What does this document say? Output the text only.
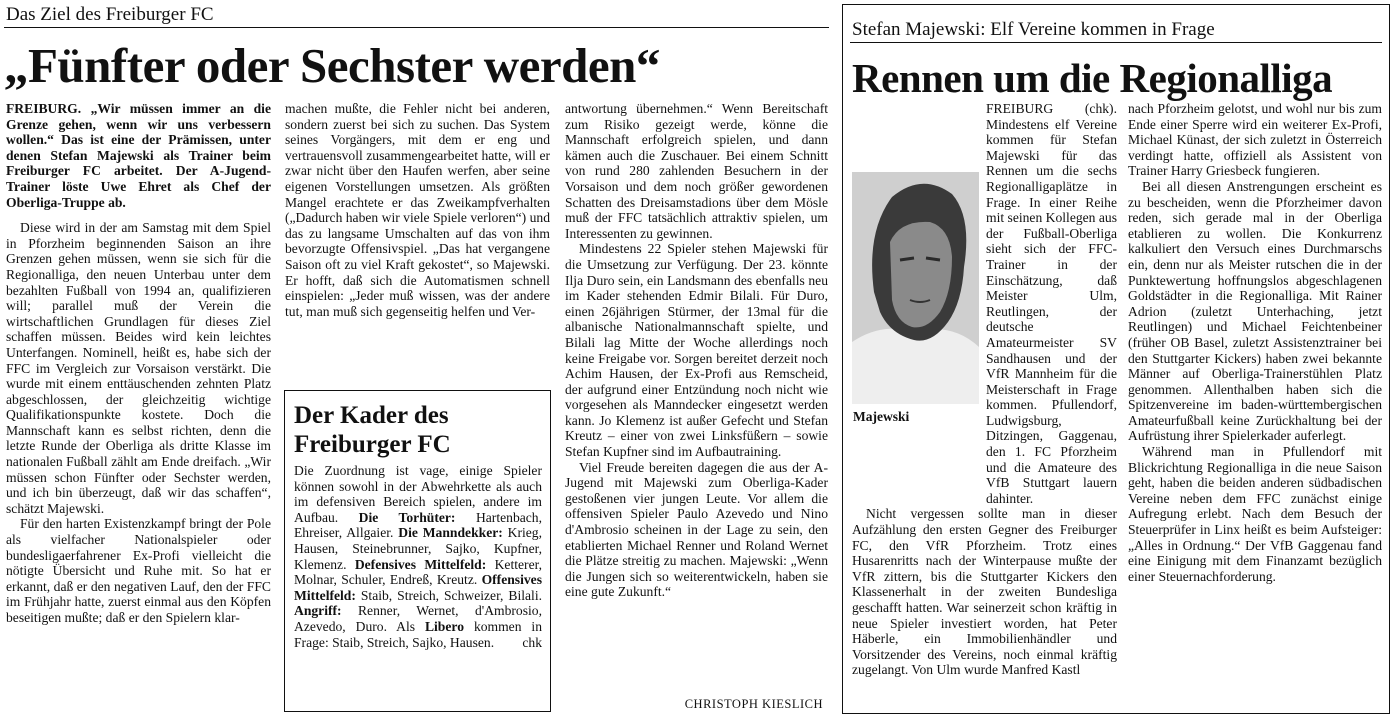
Das Ziel des Freiburger FC
„Fünfter oder Sechster werden“

FREIBURG. „Wir müssen immer an die Grenze gehen, wenn wir uns verbessern wollen.“ Das ist eine der Prämissen, unter denen Stefan Majewski als Trainer beim Freiburger FC arbeitet. Der A-Jugend-Trainer löste Uwe Ehret als Chef der Oberliga-Truppe ab.

Diese wird in der am Samstag mit dem Spiel in Pforzheim beginnenden Saison an ihre Grenzen gehen müssen, wenn sie sich für die Regionalliga, den neuen Unterbau unter dem bezahlten Fußball von 1994 an, qualifizieren will; parallel muß der Verein die wirtschaftlichen Grundlagen für dieses Ziel schaffen müssen. Beides wird kein leichtes Unterfangen. Nominell, heißt es, habe sich der FFC im Vergleich zur Vorsaison verstärkt. Die wurde mit einem enttäuschenden zehnten Platz abgeschlossen, der gleichzeitig wichtige Qualifikationspunkte kostete. Doch die Mannschaft kann es selbst richten, denn die letzte Runde der Oberliga als dritte Klasse im nationalen Fußball zählt am Ende dreifach. „Wir müssen schon Fünfter oder Sechster werden, und ich bin überzeugt, daß wir das schaffen“, schätzt Majewski.

Für den harten Existenzkampf bringt der Pole als vielfacher Nationalspieler oder bundesligaerfahrener Ex-Profi vielleicht die nötigte Übersicht und Ruhe mit. So hat er erkannt, daß er den negativen Lauf, den der FFC im Frühjahr hatte, zuerst einmal aus den Köpfen beseitigen mußte; daß er den Spielern klar-

machen mußte, die Fehler nicht bei anderen, sondern zuerst bei sich zu suchen. Das System seines Vorgängers, mit dem er eng und vertrauensvoll zusammengearbeitet hatte, will er zwar nicht über den Haufen werfen, aber seine eigenen Vorstellungen umsetzen. Als größten Mangel erachtete er das Zweikampfverhalten („Dadurch haben wir viele Spiele verloren“) und das zu langsame Umschalten auf das von ihm bevorzugte Offensivspiel. „Das hat vergangene Saison oft zu viel Kraft gekostet“, so Majewski. Er hofft, daß sich die Automatismen schnell einspielen: „Jeder muß wissen, was der andere tut, man muß sich gegenseitig helfen und Ver-

antwortung übernehmen.“ Wenn Bereitschaft zum Risiko gezeigt werde, könne die Mannschaft erfolgreich spielen, und dann kämen auch die Zuschauer. Bei einem Schnitt von rund 280 zahlenden Besuchern in der Vorsaison und dem noch größer gewordenen Schatten des Dreisamstadions über dem Mösle muß der FFC tatsächlich attraktiv spielen, um Interessenten zu gewinnen.

Mindestens 22 Spieler stehen Majewski für die Umsetzung zur Verfügung. Der 23. könnte Ilja Duro sein, ein Landsmann des ebenfalls neu im Kader stehenden Edmir Bilali. Für Duro, einen 26jährigen Stürmer, der 13mal für die albanische Nationalmannschaft spielte, und Bilali lag Mitte der Woche allerdings noch keine Freigabe vor. Sorgen bereitet derzeit noch Achim Hausen, der Ex-Profi aus Remscheid, der aufgrund einer Entzündung noch nicht wie vorgesehen als Manndecker eingesetzt werden kann. Jo Klemenz ist außer Gefecht und Stefan Kreutz – einer von zwei Linksfüßern – sowie Stefan Kupfner sind im Aufbautraining.

Viel Freude bereiten dagegen die aus der A-Jugend mit Majewski zum Oberliga-Kader gestoßenen vier jungen Leute. Vor allem die offensiven Spieler Paulo Azevedo und Nino d'Ambrosio scheinen in der Lage zu sein, den etablierten Michael Renner und Roland Wernet die Plätze streitig zu machen. Majewski: „Wenn die Jungen sich so weiterentwickeln, haben sie eine gute Zukunft.“

CHRISTOPH KIESLICH
Der Kader des
Freiburger FC

Die Zuordnung ist vage, einige Spieler können sowohl in der Abwehrkette als auch im defensiven Bereich spielen, andere im Aufbau. Die Torhüter: Hartenbach, Ehreiser, Allgaier. Die Manndekker: Krieg, Hausen, Steinebrunner, Sajko, Kupfner, Klemenz. Defensives Mittelfeld: Ketterer, Molnar, Schuler, Endreß, Kreutz. Offensives Mittelfeld: Staib, Streich, Schweizer, Bilali. Angriff: Renner, Wernet, d'Ambrosio, Azevedo, Duro. Als Libero kommen in Frage: Staib, Streich, Sajko, Hausen. chk

Stefan Majewski: Elf Vereine kommen in Frage
Rennen um die Regionalliga
Majewski

FREIBURG (chk). Mindestens elf Vereine kommen für Stefan Majewski für das Rennen um die sechs Regionalligaplätze in Frage. In einer Reihe mit seinen Kollegen aus der Fußball-Oberliga sieht sich der FFC-Trainer in der Einschätzung, daß Meister Ulm, Reutlingen, der deutsche Amateurmeister SV Sandhausen und der VfR Mannheim für die Meisterschaft in Frage kommen. Pfullendorf, Ludwigsburg, Ditzingen, Gaggenau, den 1. FC Pforzheim und die Amateure des VfB Stuttgart lauern dahinter.

Nicht vergessen sollte man in dieser Aufzählung den ersten Gegner des Freiburger FC, den VfR Pforzheim. Trotz eines Husarenritts nach der Winterpause mußte der VfR zittern, bis die Stuttgarter Kickers den Klassenerhalt in der zweiten Bundesliga geschafft hatten. War seinerzeit schon kräftig in neue Spieler investiert worden, hat Peter Häberle, ein Immobilienhändler und Vorsitzender des Vereins, noch einmal kräftig zugelangt. Von Ulm wurde Manfred Kastl

nach Pforzheim gelotst, und wohl nur bis zum Ende einer Sperre wird ein weiterer Ex-Profi, Michael Künast, der sich zuletzt in Österreich verdingt hatte, offiziell als Assistent von Trainer Harry Griesbeck fungieren.

Bei all diesen Anstrengungen erscheint es zu bescheiden, wenn die Pforzheimer davon reden, sich gerade mal in der Oberliga etablieren zu wollen. Die Konkurrenz kalkuliert den Versuch eines Durchmarschs ein, denn nur als Meister rutschen die in der Punktewertung hoffnungslos abgeschlagenen Goldstädter in die Regionalliga. Mit Rainer Adrion (zuletzt Unterhaching, jetzt Reutlingen) und Michael Feichtenbeiner (früher OB Basel, zuletzt Assistenztrainer bei den Stuttgarter Kickers) haben zwei bekannte Männer auf Oberliga-Trainerstühlen Platz genommen. Allenthalben haben sich die Spitzenvereine im baden-württembergischen Amateurfußball keine Zurückhaltung bei der Aufrüstung ihrer Spielerkader auferlegt.

Während man in Pfullendorf mit Blickrichtung Regionalliga in die neue Saison geht, haben die beiden anderen südbadischen Vereine neben dem FFC zunächst einige Aufregung erlebt. Nach dem Besuch der Steuerprüfer in Linx heißt es beim Aufsteiger: „Alles in Ordnung.“ Der VfB Gaggenau fand eine Einigung mit dem Finanzamt bezüglich einer Steuernachforderung.
